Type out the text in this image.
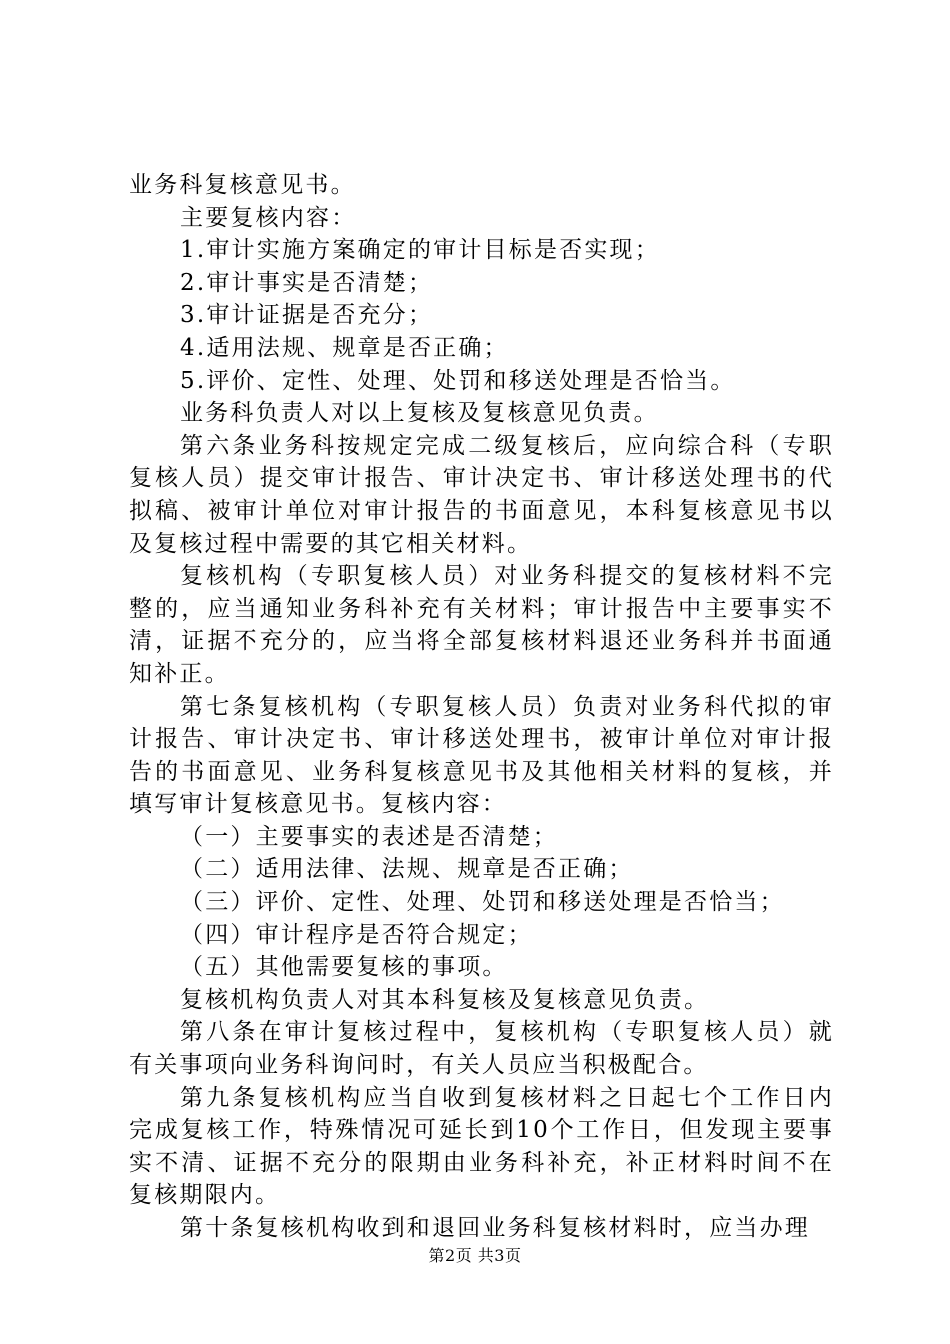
业务科复核意见书。

主要复核内容：

1.审计实施方案确定的审计目标是否实现；

2.审计事实是否清楚；

3.审计证据是否充分；

4.适用法规、规章是否正确；

5.评价、定性、处理、处罚和移送处理是否恰当。

业务科负责人对以上复核及复核意见负责。

第六条业务科按规定完成二级复核后，应向综合科（专职复核人员）提交审计报告、审计决定书、审计移送处理书的代拟稿、被审计单位对审计报告的书面意见，本科复核意见书以及复核过程中需要的其它相关材料。

复核机构（专职复核人员）对业务科提交的复核材料不完整的，应当通知业务科补充有关材料；审计报告中主要事实不清，证据不充分的，应当将全部复核材料退还业务科并书面通知补正。

第七条复核机构（专职复核人员）负责对业务科代拟的审计报告、审计决定书、审计移送处理书，被审计单位对审计报告的书面意见、业务科复核意见书及其他相关材料的复核，并填写审计复核意见书。复核内容：

（一）主要事实的表述是否清楚；

（二）适用法律、法规、规章是否正确；

（三）评价、定性、处理、处罚和移送处理是否恰当；

（四）审计程序是否符合规定；

（五）其他需要复核的事项。

复核机构负责人对其本科复核及复核意见负责。

第八条在审计复核过程中，复核机构（专职复核人员）就有关事项向业务科询问时，有关人员应当积极配合。

第九条复核机构应当自收到复核材料之日起七个工作日内完成复核工作，特殊情况可延长到10个工作日，但发现主要事实不清、证据不充分的限期由业务科补充，补正材料时间不在复核期限内。

第十条复核机构收到和退回业务科复核材料时，应当办理

第2页 共3页
